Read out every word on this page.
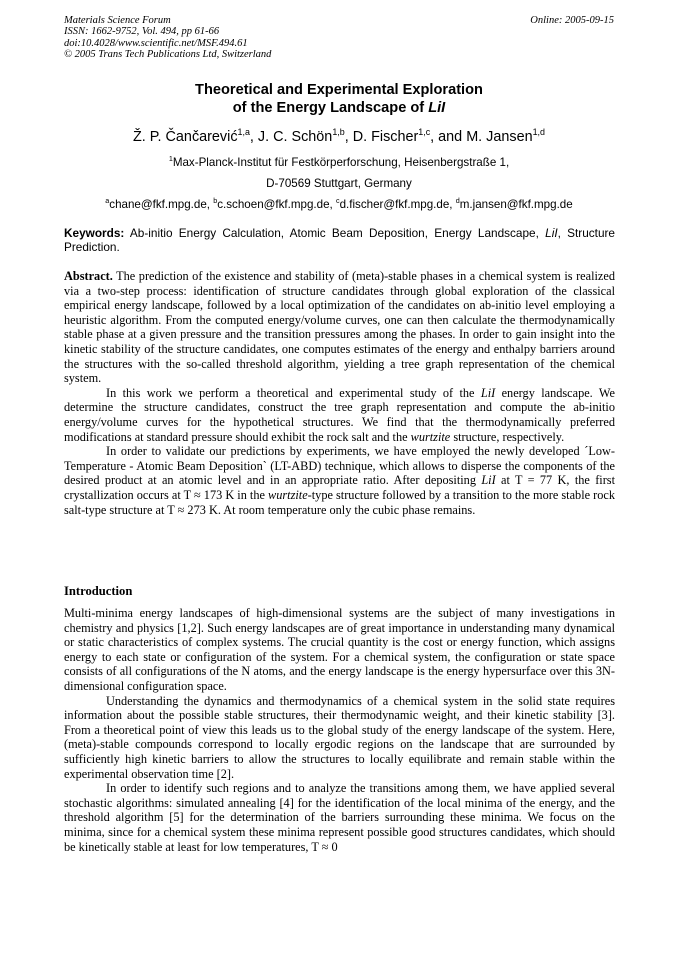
Materials Science Forum
ISSN: 1662-9752, Vol. 494, pp 61-66
doi:10.4028/www.scientific.net/MSF.494.61
© 2005 Trans Tech Publications Ltd, Switzerland
Online: 2005-09-15
Theoretical and Experimental Exploration
of the Energy Landscape of LiI
Ž. P. Čančarević$^{1,a}$, J. C. Schön$^{1,b}$, D. Fischer$^{1,c}$, and M. Jansen$^{1,d}$
$^1$Max-Planck-Institut für Festkörperforschung, Heisenbergstraße 1,
D-70569 Stuttgart, Germany
$^a$chane@fkf.mpg.de, $^b$c.schoen@fkf.mpg.de, $^c$d.fischer@fkf.mpg.de, $^d$m.jansen@fkf.mpg.de
Keywords: Ab-initio Energy Calculation, Atomic Beam Deposition, Energy Landscape, LiI, Structure Prediction.

Abstract. The prediction of the existence and stability of (meta)-stable phases in a chemical system is realized via a two-step process: identification of structure candidates through global exploration of the classical empirical energy landscape, followed by a local optimization of the candidates on ab-initio level employing a heuristic algorithm. From the computed energy/volume curves, one can then calculate the thermodynamically stable phase at a given pressure and the transition pressures among the phases. In order to gain insight into the kinetic stability of the structure candidates, one computes estimates of the energy and enthalpy barriers around the structures with the so-called threshold algorithm, yielding a tree graph representation of the chemical system.

In this work we perform a theoretical and experimental study of the LiI energy landscape. We determine the structure candidates, construct the tree graph representation and compute the ab-initio energy/volume curves for the hypothetical structures. We find that the thermodynamically preferred modifications at standard pressure should exhibit the rock salt and the wurtzite structure, respectively.

In order to validate our predictions by experiments, we have employed the newly developed ´Low-Temperature - Atomic Beam Deposition` (LT-ABD) technique, which allows to disperse the components of the desired product at an atomic level and in an appropriate ratio. After depositing LiI at T = 77 K, the first crystallization occurs at T ≈ 173 K in the wurtzite-type structure followed by a transition to the more stable rock salt-type structure at T ≈ 273 K. At room temperature only the cubic phase remains.

Introduction

Multi-minima energy landscapes of high-dimensional systems are the subject of many investigations in chemistry and physics [1,2]. Such energy landscapes are of great importance in understanding many dynamical or static characteristics of complex systems. The crucial quantity is the cost or energy function, which assigns energy to each state or configuration of the system. For a chemical system, the configuration or state space consists of all configurations of the N atoms, and the energy landscape is the energy hypersurface over this 3N-dimensional configuration space.

Understanding the dynamics and thermodynamics of a chemical system in the solid state requires information about the possible stable structures, their thermodynamic weight, and their kinetic stability [3]. From a theoretical point of view this leads us to the global study of the energy landscape of the system. Here, (meta)-stable compounds correspond to locally ergodic regions on the landscape that are surrounded by sufficiently high kinetic barriers to allow the structures to locally equilibrate and remain stable within the experimental observation time [2].

In order to identify such regions and to analyze the transitions among them, we have applied several stochastic algorithms: simulated annealing [4] for the identification of the local minima of the energy, and the threshold algorithm [5] for the determination of the barriers surrounding these minima. We focus on the minima, since for a chemical system these minima represent possible good structures candidates, which should be kinetically stable at least for low temperatures, T ≈ 0
